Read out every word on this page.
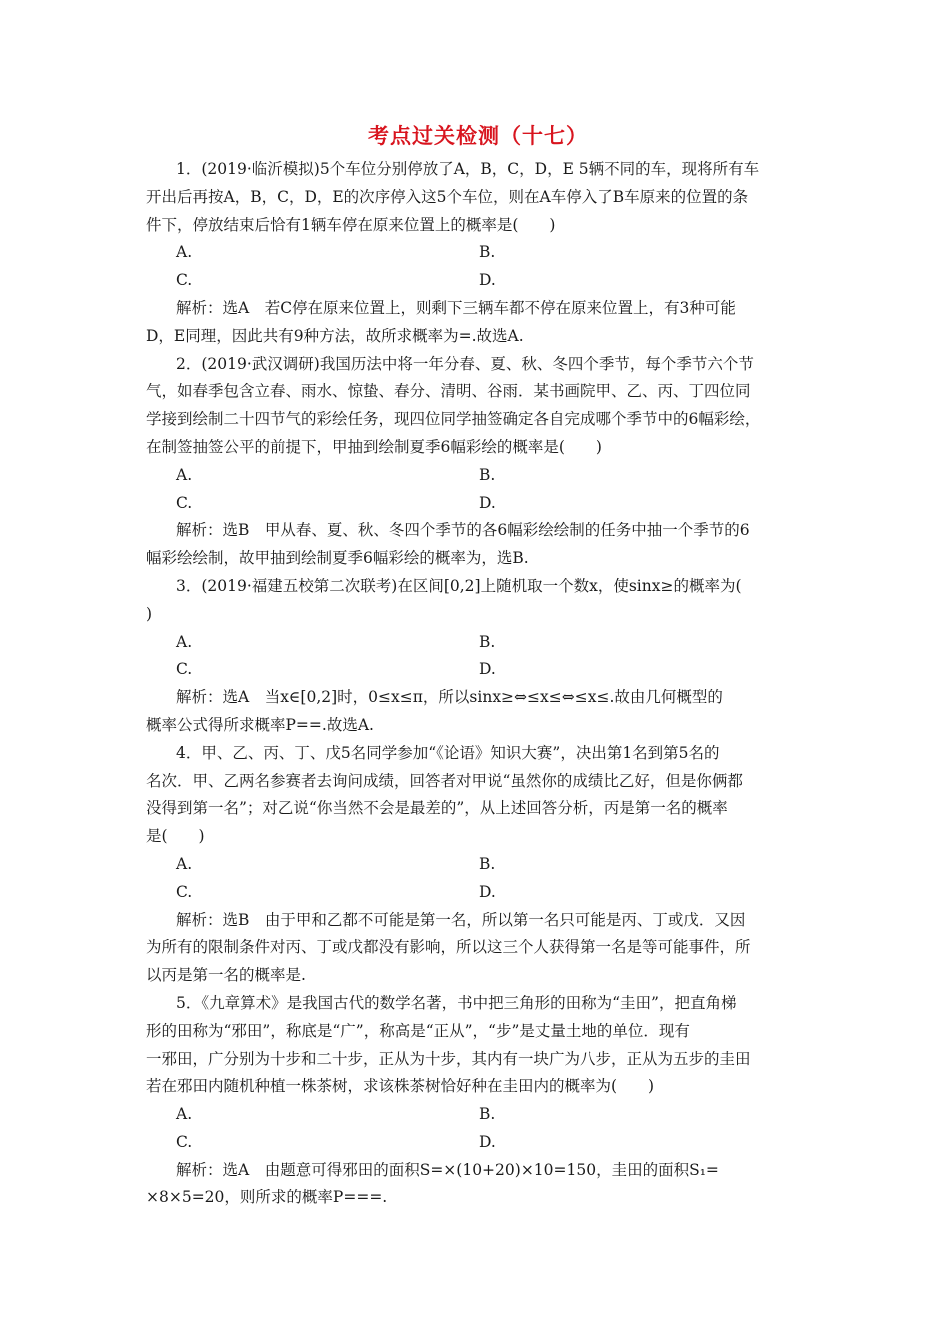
考点过关检测（十七）
1．(2019·临沂模拟)5个车位分别停放了A，B，C，D，E 5辆不同的车，现将所有车
开出后再按A，B，C，D，E的次序停入这5个车位，则在A车停入了B车原来的位置的条
件下，停放结束后恰有1辆车停在原来位置上的概率是(　　)
A.	B.
C.	D.
解析：选A　若C停在原来位置上，则剩下三辆车都不停在原来位置上，有3种可能
D，E同理，因此共有9种方法，故所求概率为=.故选A.
2．(2019·武汉调研)我国历法中将一年分春、夏、秋、冬四个季节，每个季节六个节
气，如春季包含立春、雨水、惊蛰、春分、清明、谷雨．某书画院甲、乙、丙、丁四位同
学接到绘制二十四节气的彩绘任务，现四位同学抽签确定各自完成哪个季节中的6幅彩绘，
在制签抽签公平的前提下，甲抽到绘制夏季6幅彩绘的概率是(　　)
A.	B.
C.	D.
解析：选B　甲从春、夏、秋、冬四个季节的各6幅彩绘绘制的任务中抽一个季节的6
幅彩绘绘制，故甲抽到绘制夏季6幅彩绘的概率为，选B.
3．(2019·福建五校第二次联考)在区间[0,2]上随机取一个数x，使sinx≥的概率为(
)
A.	B.
C.	D.
解析：选A　当x∈[0,2]时，0≤x≤π，所以sinx≥⇔≤x≤⇔≤x≤.故由几何概型的
概率公式得所求概率P==.故选A.
4．甲、乙、丙、丁、戊5名同学参加“《论语》知识大赛”，决出第1名到第5名的
名次．甲、乙两名参赛者去询问成绩，回答者对甲说“虽然你的成绩比乙好，但是你俩都
没得到第一名”；对乙说“你当然不会是最差的”，从上述回答分析，丙是第一名的概率
是(　　)
A.	B.
C.	D.
解析：选B　由于甲和乙都不可能是第一名，所以第一名只可能是丙、丁或戊．又因
为所有的限制条件对丙、丁或戊都没有影响，所以这三个人获得第一名是等可能事件，所
以丙是第一名的概率是.
5．《九章算术》是我国古代的数学名著，书中把三角形的田称为“圭田”，把直角梯
形的田称为“邪田”，称底是“广”，称高是“正从”，“步”是丈量土地的单位．现有
一邪田，广分别为十步和二十步，正从为十步，其内有一块广为八步，正从为五步的圭田
若在邪田内随机种植一株茶树，求该株茶树恰好种在圭田内的概率为(　　)
A.	B.
C.	D.
解析：选A　由题意可得邪田的面积S=×(10+20)×10=150，圭田的面积S₁=
×8×5=20，则所求的概率P===.
